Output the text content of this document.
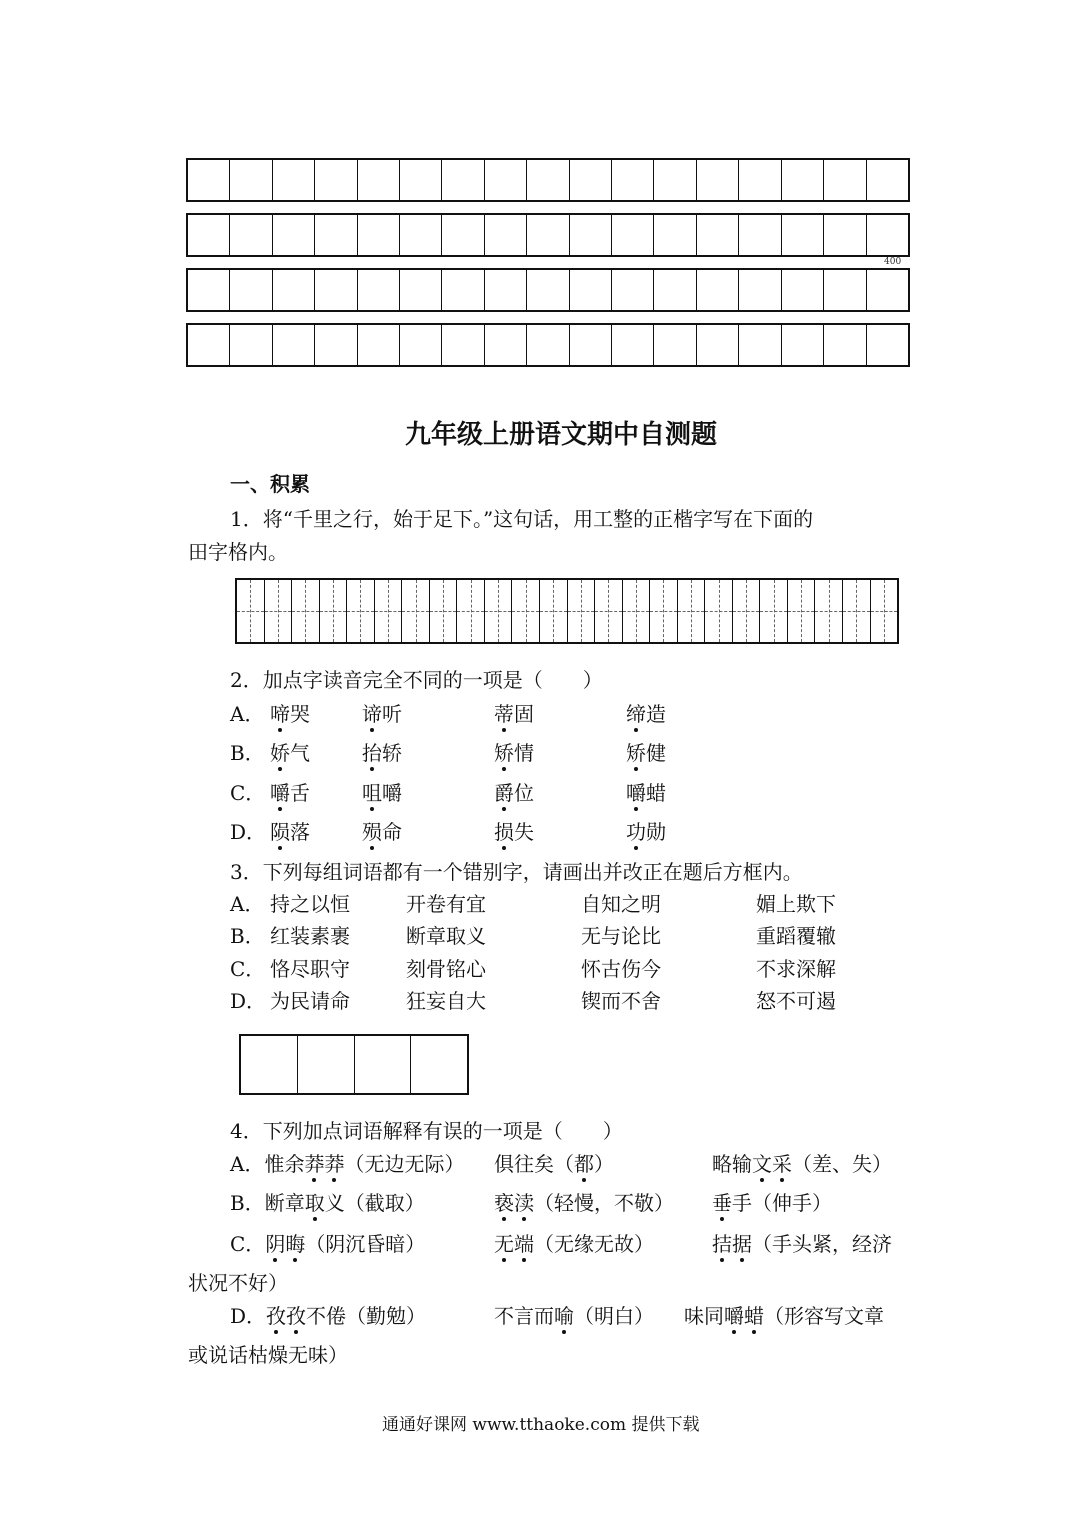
400
九年级上册语文期中自测题
一、积累
1．将“千里之行，始于足下。”这句话，用工整的正楷字写在下面的
田字格内。
2．加点字读音完全不同的一项是（　　）
A． 啼哭	谛听	蒂固	缔造
B． 娇气	抬轿	矫情	矫健
C． 嚼舌	咀嚼	爵位	嚼蜡
D． 陨落	殒命	损失	功勋
3．下列每组词语都有一个错别字，请画出并改正在题后方框内。
A． 持之以恒	开卷有宜	自知之明	媚上欺下
B． 红装素裹	断章取义	无与论比	重蹈覆辙
C． 恪尽职守	刻骨铭心	怀古伤今	不求深解
D． 为民请命	狂妄自大	锲而不舍	怒不可遏
4．下列加点词语解释有误的一项是（　　）
A．惟余莽莽（无边无际） 俱往矣（都）	略输文采（差、失）
B．断章取义（截取）	亵渎（轻慢，不敬） 垂手（伸手）
C．阴晦（阴沉昏暗）	无端（无缘无故）	拮据（手头紧，经济
状况不好）
D．孜孜不倦（勤勉）	不言而喻（明白） 味同嚼蜡（形容写文章
或说话枯燥无味）
通通好课网 www.tthaoke.com 提供下载
